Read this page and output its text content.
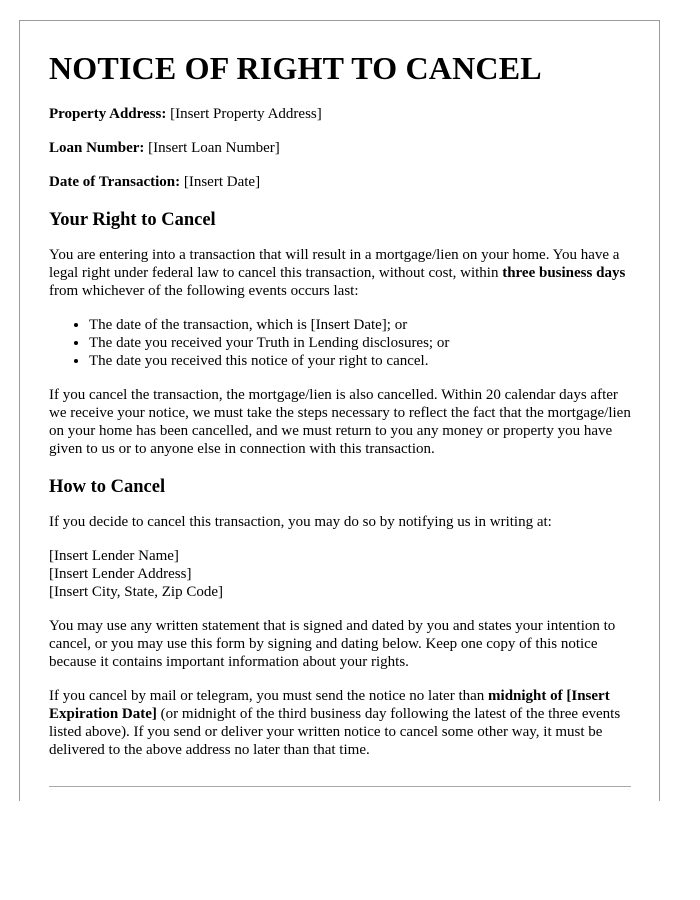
NOTICE OF RIGHT TO CANCEL
Property Address: [Insert Property Address]
Loan Number: [Insert Loan Number]
Date of Transaction: [Insert Date]
Your Right to Cancel

You are entering into a transaction that will result in a mortgage/lien on your home. You have a legal right under federal law to cancel this transaction, without cost, within three business days from whichever of the following events occurs last:

• The date of the transaction, which is [Insert Date]; or
• The date you received your Truth in Lending disclosures; or
• The date you received this notice of your right to cancel.

If you cancel the transaction, the mortgage/lien is also cancelled. Within 20 calendar days after we receive your notice, we must take the steps necessary to reflect the fact that the mortgage/lien on your home has been cancelled, and we must return to you any money or property you have given to us or to anyone else in connection with this transaction.

How to Cancel

If you decide to cancel this transaction, you may do so by notifying us in writing at:

[Insert Lender Name]
[Insert Lender Address]
[Insert City, State, Zip Code]

You may use any written statement that is signed and dated by you and states your intention to cancel, or you may use this form by signing and dating below. Keep one copy of this notice because it contains important information about your rights.

If you cancel by mail or telegram, you must send the notice no later than midnight of [Insert Expiration Date] (or midnight of the third business day following the latest of the three events listed above). If you send or deliver your written notice to cancel some other way, it must be delivered to the above address no later than that time.
